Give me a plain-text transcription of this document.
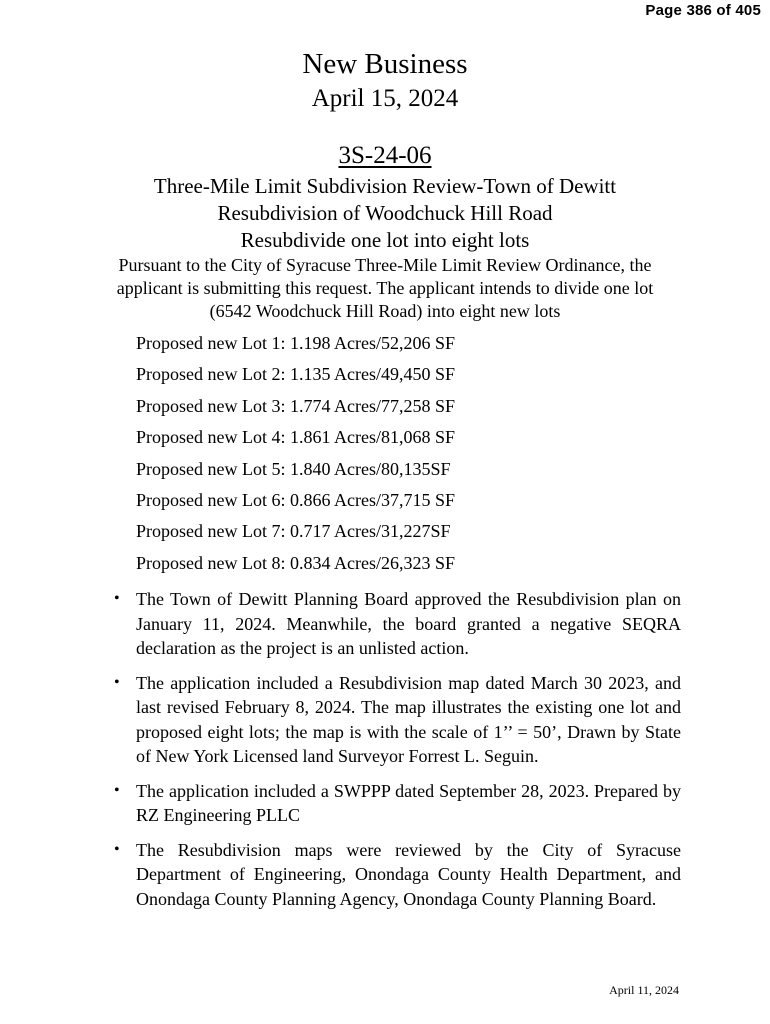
Page 386 of 405
New Business
April 15, 2024
3S-24-06
Three-Mile Limit Subdivision Review-Town of Dewitt
Resubdivision of Woodchuck Hill Road
Resubdivide one lot into eight lots
Pursuant to the City of Syracuse Three-Mile Limit Review Ordinance, the applicant is submitting this request. The applicant intends to divide one lot (6542 Woodchuck Hill Road) into eight new lots
Proposed new Lot 1: 1.198 Acres/52,206 SF
Proposed new Lot 2: 1.135 Acres/49,450 SF
Proposed new Lot 3: 1.774 Acres/77,258 SF
Proposed new Lot 4: 1.861 Acres/81,068 SF
Proposed new Lot 5: 1.840 Acres/80,135SF
Proposed new Lot 6: 0.866 Acres/37,715 SF
Proposed new Lot 7: 0.717 Acres/31,227SF
Proposed new Lot 8: 0.834 Acres/26,323 SF
• The Town of Dewitt Planning Board approved the Resubdivision plan on January 11, 2024. Meanwhile, the board granted a negative SEQRA declaration as the project is an unlisted action.
• The application included a Resubdivision map dated March 30 2023, and last revised February 8, 2024. The map illustrates the existing one lot and proposed eight lots; the map is with the scale of 1’’ = 50’, Drawn by State of New York Licensed land Surveyor Forrest L. Seguin.
• The application included a SWPPP dated September 28, 2023. Prepared by RZ Engineering PLLC
• The Resubdivision maps were reviewed by the City of Syracuse Department of Engineering, Onondaga County Health Department, and Onondaga County Planning Agency, Onondaga County Planning Board.
April 11, 2024
